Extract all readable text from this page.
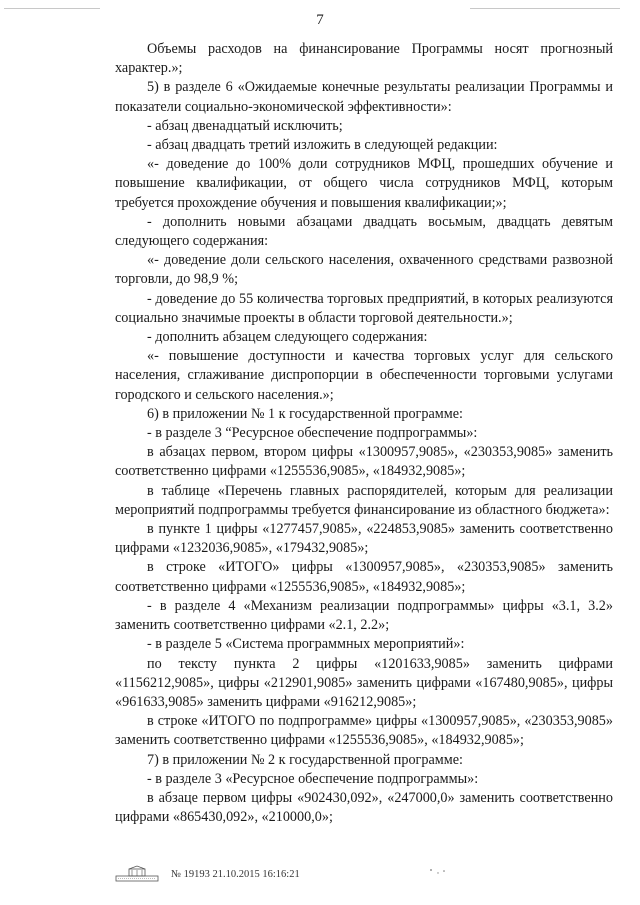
7

Объемы расходов на финансирование Программы носят прогнозный характер.»;

5) в разделе 6 «Ожидаемые конечные результаты реализации Программы и показатели социально-экономической эффективности»:

- абзац двенадцатый исключить;

- абзац двадцать третий изложить в следующей редакции:

«- доведение до 100% доли сотрудников МФЦ, прошедших обучение и повышение квалификации, от общего числа сотрудников МФЦ, которым требуется прохождение обучения и повышения квалификации;»;

- дополнить новыми абзацами двадцать восьмым, двадцать девятым следующего содержания:

«- доведение доли сельского населения, охваченного средствами развозной торговли, до 98,9 %;

- доведение до 55 количества торговых предприятий, в которых реализуются социально значимые проекты в области торговой деятельности.»;

- дополнить абзацем следующего содержания:

«- повышение доступности и качества торговых услуг для сельского населения, сглаживание диспропорции в обеспеченности торговыми услугами городского и сельского населения.»;

6) в приложении № 1 к государственной программе:

- в разделе 3 “Ресурсное обеспечение подпрограммы»:

в абзацах первом, втором цифры «1300957,9085», «230353,9085» заменить соответственно цифрами «1255536,9085», «184932,9085»;

в таблице «Перечень главных распорядителей, которым для реализации мероприятий подпрограммы требуется финансирование из областного бюджета»:

в пункте 1 цифры «1277457,9085», «224853,9085» заменить соответственно цифрами «1232036,9085», «179432,9085»;

в строке «ИТОГО» цифры «1300957,9085», «230353,9085» заменить соответственно цифрами «1255536,9085», «184932,9085»;

- в разделе 4 «Механизм реализации подпрограммы» цифры «3.1, 3.2» заменить соответственно цифрами «2.1, 2.2»;

- в разделе 5 «Система программных мероприятий»:

по тексту пункта 2 цифры «1201633,9085» заменить цифрами «1156212,9085», цифры «212901,9085» заменить цифрами «167480,9085», цифры «961633,9085» заменить цифрами «916212,9085»;

в строке «ИТОГО по подпрограмме» цифры «1300957,9085», «230353,9085» заменить соответственно цифрами «1255536,9085», «184932,9085»;

7) в приложении № 2 к государственной программе:

- в разделе 3 «Ресурсное обеспечение подпрограммы»:

в абзаце первом цифры «902430,092», «247000,0» заменить соответственно цифрами «865430,092», «210000,0»;

№ 19193 21.10.2015 16:16:21
